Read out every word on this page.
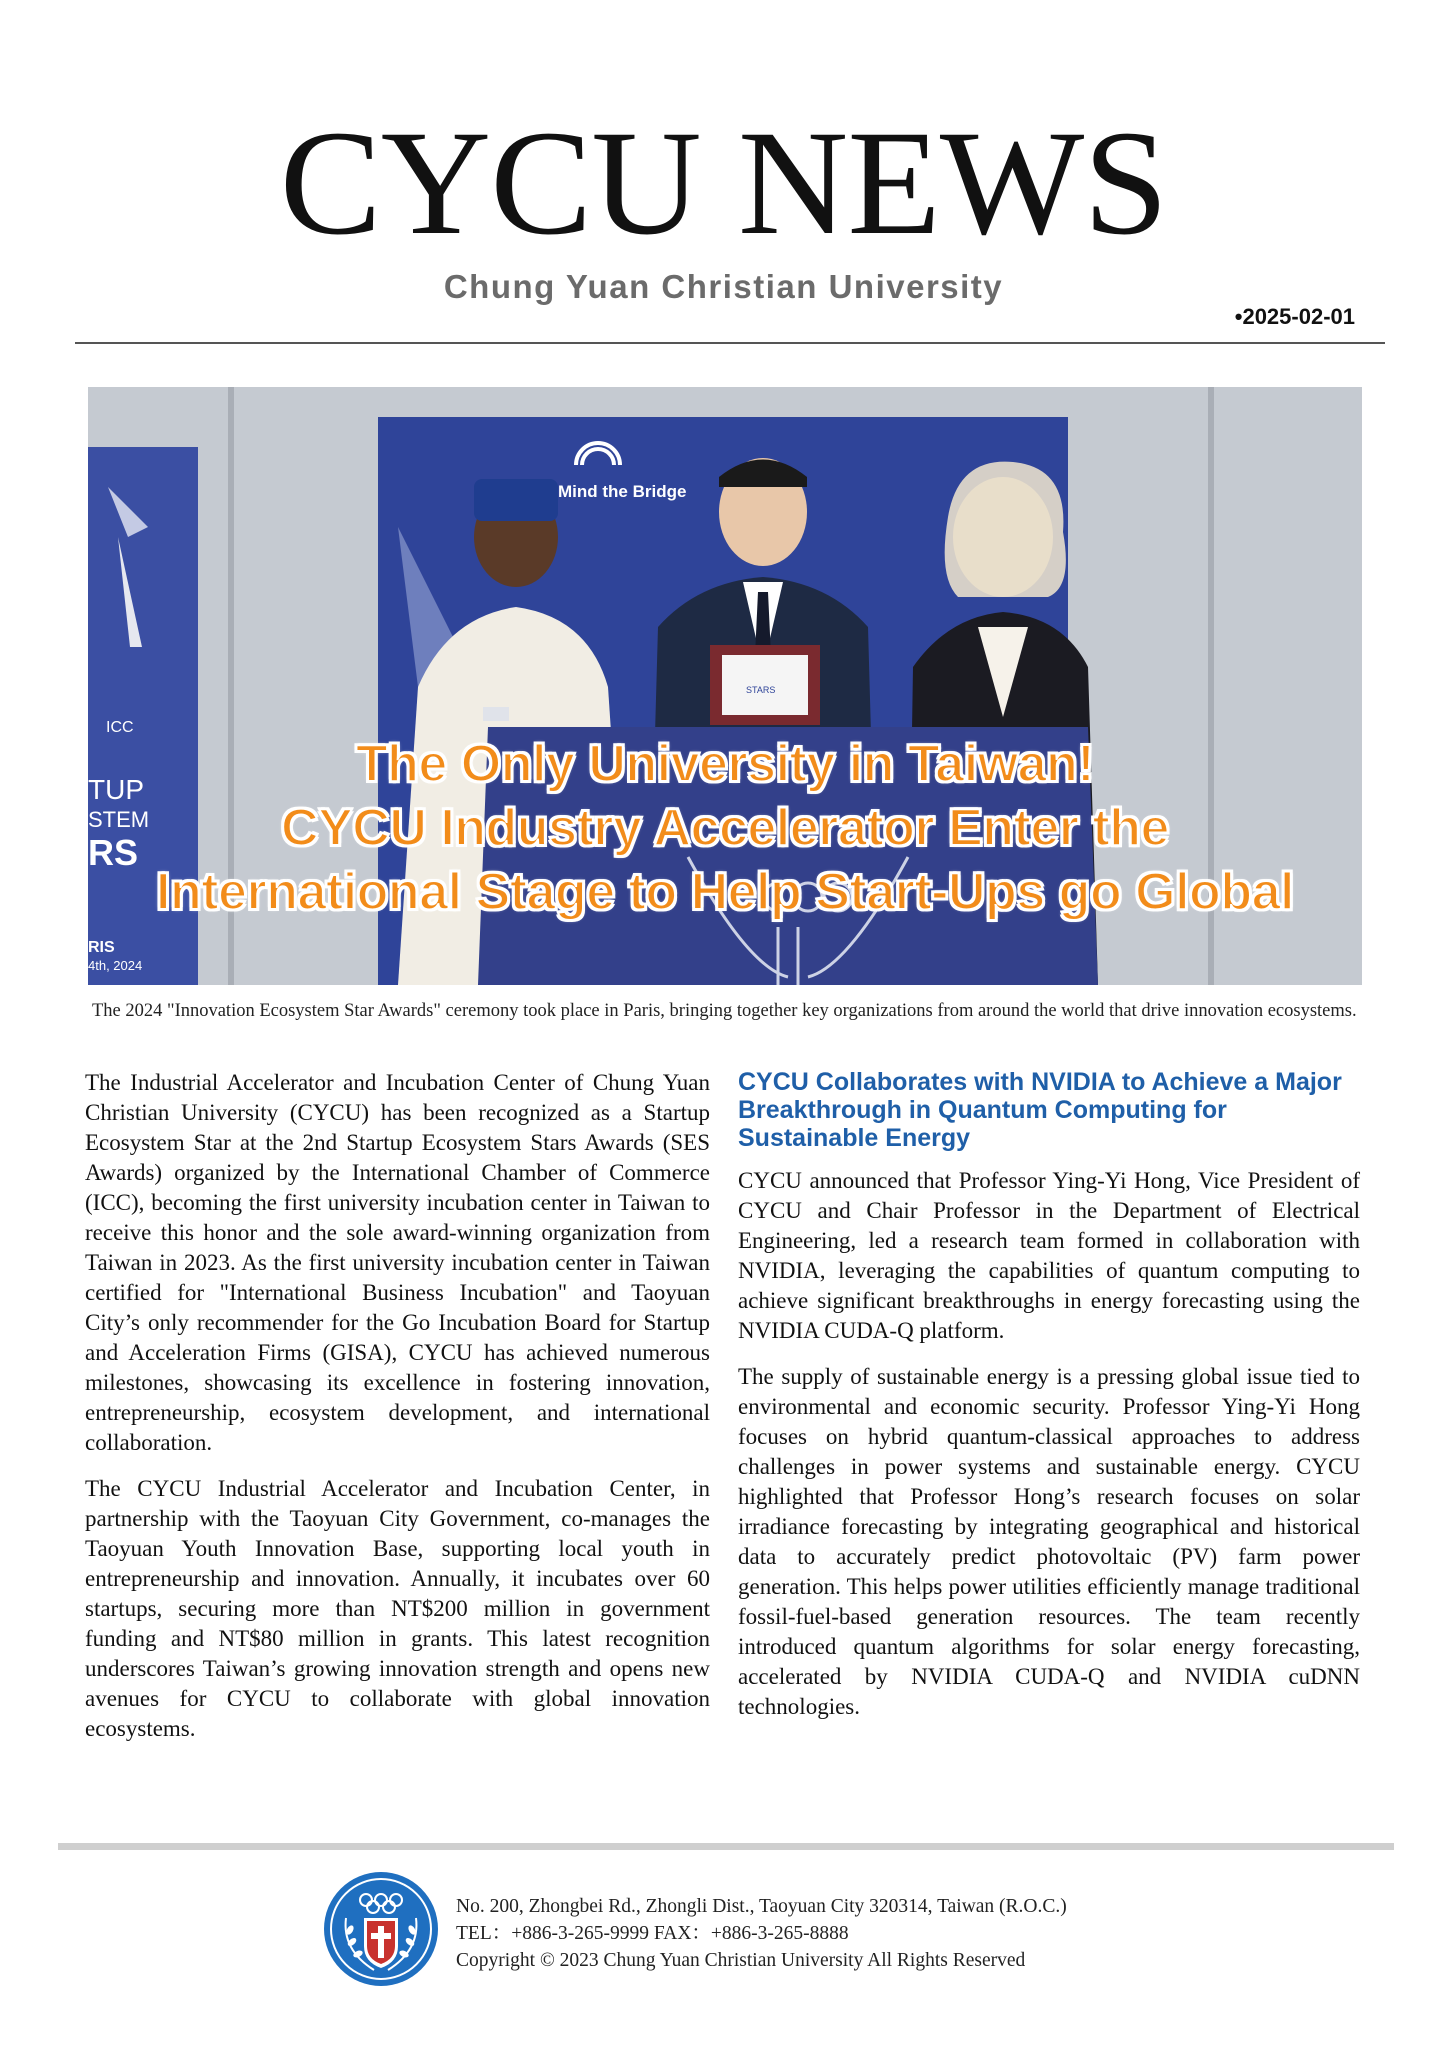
CYCU NEWS
Chung Yuan Christian University
•2025-02-01
ICC
TUP
STEM
RS
RIS
4th, 2024
Mind the Bridge
STARS
The Only University in Taiwan!
CYCU Industry Accelerator Enter the
International Stage to Help Start-Ups go Global
The 2024 "Innovation Ecosystem Star Awards" ceremony took place in Paris, bringing together key organizations from around the world that drive innovation ecosystems.

The Industrial Accelerator and Incubation Center of Chung Yuan Christian University (CYCU) has been recognized as a Startup Ecosystem Star at the 2nd Startup Ecosystem Stars Awards (SES Awards) organized by the International Chamber of Commerce (ICC), becoming the first university incubation center in Taiwan to receive this honor and the sole award-winning organization from Taiwan in 2023. As the first university incubation center in Taiwan certified for "International Business Incubation" and Taoyuan City’s only recommender for the Go Incubation Board for Startup and Acceleration Firms (GISA), CYCU has achieved numerous milestones, showcasing its excellence in fostering innovation, entrepreneurship, ecosystem development, and international collaboration.

The CYCU Industrial Accelerator and Incubation Center, in partnership with the Taoyuan City Government, co-manages the Taoyuan Youth Innovation Base, supporting local youth in entrepreneurship and innovation. Annually, it incubates over 60 startups, securing more than NT$200 million in government funding and NT$80 million in grants. This latest recognition underscores Taiwan’s growing innovation strength and opens new avenues for CYCU to collaborate with global innovation ecosystems.

CYCU Collaborates with NVIDIA to Achieve a Major Breakthrough in Quantum Computing for Sustainable Energy

CYCU announced that Professor Ying-Yi Hong, Vice President of CYCU and Chair Professor in the Department of Electrical Engineering, led a research team formed in collaboration with NVIDIA, leveraging the capabilities of quantum computing to achieve significant breakthroughs in energy forecasting using the NVIDIA CUDA-Q platform.

The supply of sustainable energy is a pressing global issue tied to environmental and economic security. Professor Ying-Yi Hong focuses on hybrid quantum-classical approaches to address challenges in power systems and sustainable energy. CYCU highlighted that Professor Hong’s research focuses on solar irradiance forecasting by integrating geographical and historical data to accurately predict photovoltaic (PV) farm power generation. This helps power utilities efficiently manage traditional fossil-fuel-based generation resources. The team recently introduced quantum algorithms for solar energy forecasting, accelerated by NVIDIA CUDA-Q and NVIDIA cuDNN technologies.

No. 200, Zhongbei Rd., Zhongli Dist., Taoyuan City 320314, Taiwan (R.O.C.)
TEL：+886-3-265-9999 FAX：+886-3-265-8888
Copyright © 2023 Chung Yuan Christian University All Rights Reserved
